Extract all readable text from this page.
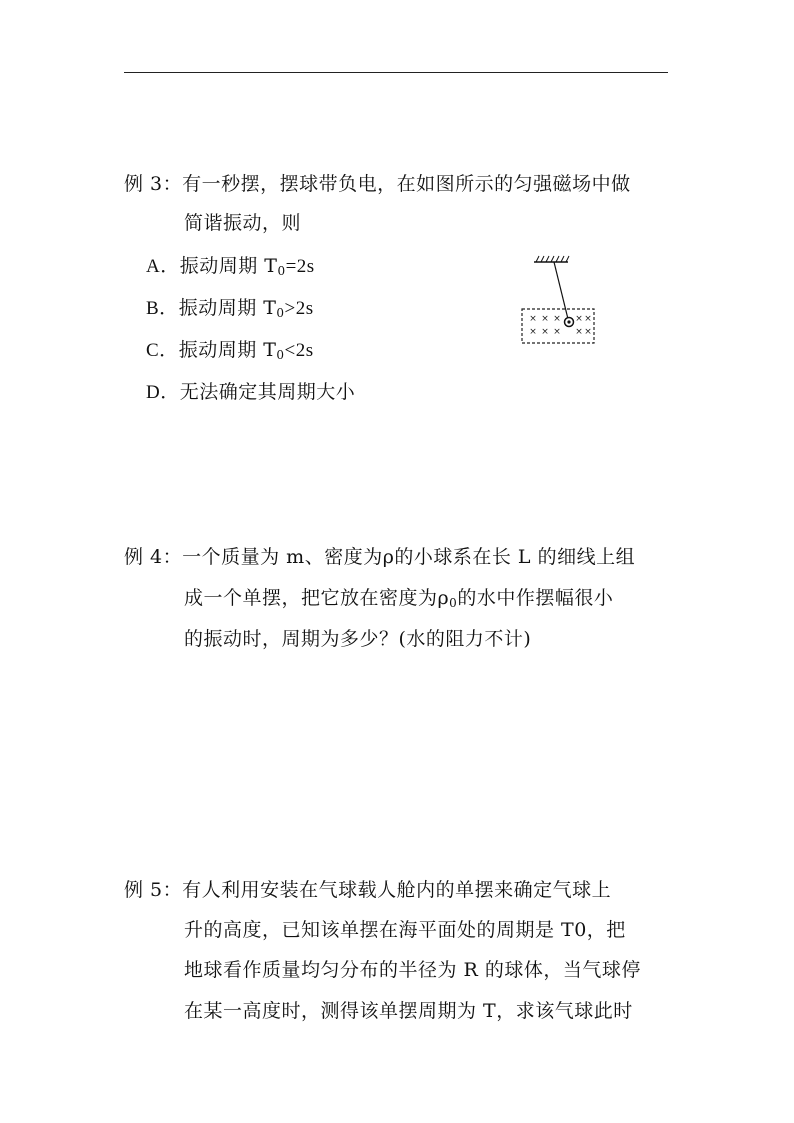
例 3：有一秒摆，摆球带负电，在如图所示的匀强磁场中做
简谐振动，则
A．振动周期 $T_0=2s$
B．振动周期 $T_0>2s$
C．振动周期 $T_0<2s$
D．无法确定其周期大小
× × × × ×
× × × × ×
例 4：一个质量为 m、密度为ρ的小球系在长 L 的细线上组
成一个单摆，把它放在密度为$\rho_0$的水中作摆幅很小
的振动时，周期为多少？(水的阻力不计)
例 5：有人利用安装在气球载人舱内的单摆来确定气球上
升的高度，已知该单摆在海平面处的周期是 T0，把
地球看作质量均匀分布的半径为 R 的球体，当气球停
在某一高度时，测得该单摆周期为 T，求该气球此时
